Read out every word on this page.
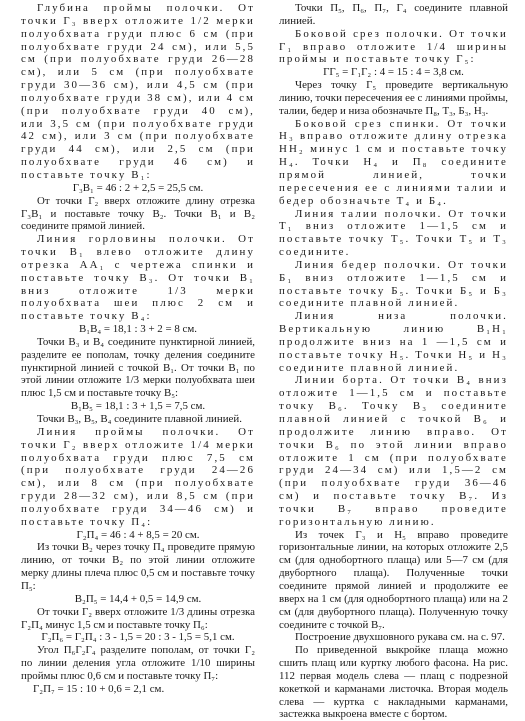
Глубина проймы полочки. От точки Г₃ вверх отложите 1/2 мерки полуобхвата груди плюс 6 см (при полуобхвате груди 24 см), или 5,5 см (при полуобхвате груди 26—28 см), или 5 см (при полуобхвате груди 30—36 см), или 4,5 см (при полуобхвате груди 38 см), или 4 см (при полуобхвате груди 40 см), или 3,5 см (при полуобхвате груди 42 см), или 3 см (при полуобхвате груди 44 см), или 2,5 см (при полуобхвате груди 46 см) и поставьте точку В₁:

Г₃В₁ = 46 : 2 + 2,5 = 25,5 см.

От точки Г₂ вверх отложите длину отрезка Г₃В₁ и поставьте точку В₂. Точки В₁ и В₂ соедините прямой линией.

Линия горловины полочки. От точки В₁ влево отложите длину отрезка АА₁ с чертежа спинки и поставьте точку В₃. От точки В₁ вниз отложите 1/3 мерки полуобхвата шеи плюс 2 см и поставьте точку В₄:

В₁В₄ = 18,1 : 3 + 2 = 8 см.

Точки В₃ и В₄ соедините пунктирной линией, разделите ее пополам, точку деления соедините пунктирной линией с точкой В₁. От точки В₁ по этой линии отложите 1/3 мерки полуобхвата шеи плюс 1,5 см и поставьте точку В₅:

В₁В₅ = 18,1 : 3 + 1,5 = 7,5 см.

Точки В₃, В₅, В₄ соедините плавной линией.

Линия проймы полочки. От точки Г₂ вверх отложите 1/4 мерки полуобхвата груди плюс 7,5 см (при полуобхвате груди 24—26 см), или 8 см (при полуобхвате груди 28—32 см), или 8,5 см (при полуобхвате груди 34—46 см) и поставьте точку П₄:

Г₂П₄ = 46 : 4 + 8,5 = 20 см.

Из точки В₂ через точку П₄ проведите прямую линию, от точки В₂ по этой линии отложите мерку длины плеча плюс 0,5 см и поставьте точку П₅:

В₂П₅ = 14,4 + 0,5 = 14,9 см.

От точки Г₂ вверх отложите 1/3 длины отрезка Г₂П₄ минус 1,5 см и поставьте точку П₆:

Г₂П₆ = Г₂П₄ : 3 - 1,5 = 20 : 3 - 1,5 = 5,1 см.

Угол П₆Г₂Г₄ разделите пополам, от точки Г₂ по линии деления угла отложите 1/10 ширины проймы плюс 0,6 см и поставьте точку П₇:

Г₂П₇ = 15 : 10 + 0,6 = 2,1 см.

Точки П₅, П₆, П₇, Г₄ соедините плавной линией.

Боковой срез полочки. От точки Г₁ вправо отложите 1/4 ширины проймы и поставьте точку Г₅:

ГГ₅ = Г₁Г₂ : 4 = 15 : 4 = 3,8 см.

Через точку Г₅ проведите вертикальную линию, точки пересечения ее с линиями проймы, талии, бедер и низа обозначьте П₈, Т₃, Б₃, Н₃.

Боковой срез спинки. От точки Н₃ вправо отложите длину отрезка НН₂ минус 1 см и поставьте точку Н₄. Точки Н₄ и П₈ соедините прямой линией, точки пересечения ее с линиями талии и бедер обозначьте Т₄ и Б₄.

Линия талии полочки. От точки Т₁ вниз отложите 1—1,5 см и поставьте точку Т₅. Точки Т₅ и Т₃ соедините.

Линия бедер полочки. От точки Б₁ вниз отложите 1—1,5 см и поставьте точку Б₅. Точки Б₅ и Б₃ соедините плавной линией.

Линия низа полочки. Вертикальную линию В₁Н₁ продолжите вниз на 1 —1,5 см и поставьте точку Н₅. Точки Н₅ и Н₃ соедините плавной линией.

Линии борта. От точки В₄ вниз отложите 1—1,5 см и поставьте точку В₆. Точку В₃ соедините плавной линией с точкой В₆ и продолжите линию вправо. От точки В₆ по этой линии вправо отложите 1 см (при полуобхвате груди 24—34 см) или 1,5—2 см (при полуобхвате груди 36—46 см) и поставьте точку В₇. Из точки В₇ вправо проведите горизонтальную линию.

Из точек Г₃ и Н₅ вправо проведите горизонтальные линии, на которых отложите 2,5 см (для однобортного плаща) или 5—7 см (для двубортного плаща). Полученные точки соедините прямой линией и продолжите ее вверх на 1 см (для однобортного плаща) или на 2 см (для двубортного плаща). Полученную точку соедините с точкой В₇.

Построение двухшовного рукава см. на с. 97.

По приведенной выкройке плаща можно сшить плащ или куртку любого фасона. На рис. 112 первая модель слева — плащ с подрезной кокеткой и карманами листочка. Вторая модель слева — куртка с накладными карманами, застежка выкроена вместе с бортом.
